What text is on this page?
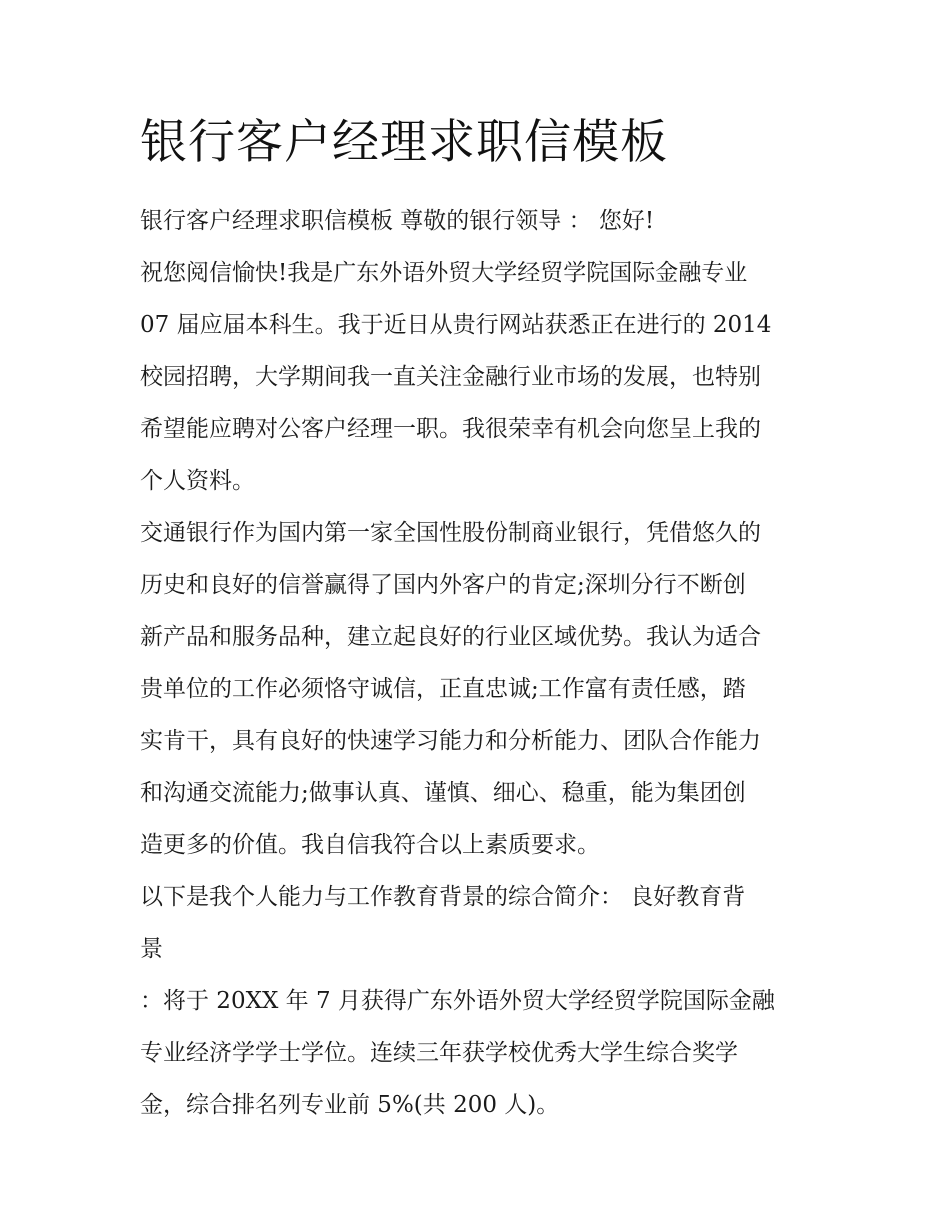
银行客户经理求职信模板

银行客户经理求职信模板 尊敬的银行领导 ： 您好!

祝您阅信愉快!我是广东外语外贸大学经贸学院国际金融专业
07 届应届本科生。我于近日从贵行网站获悉正在进行的 2014
校园招聘，大学期间我一直关注金融行业市场的发展，也特别
希望能应聘对公客户经理一职。我很荣幸有机会向您呈上我的
个人资料。

交通银行作为国内第一家全国性股份制商业银行，凭借悠久的
历史和良好的信誉赢得了国内外客户的肯定;深圳分行不断创
新产品和服务品种，建立起良好的行业区域优势。我认为适合
贵单位的工作必须恪守诚信，正直忠诚;工作富有责任感，踏
实肯干，具有良好的快速学习能力和分析能力、团队合作能力
和沟通交流能力;做事认真、谨慎、细心、稳重，能为集团创
造更多的价值。我自信我符合以上素质要求。

以下是我个人能力与工作教育背景的综合简介： 良好教育背
景

：将于 20XX 年 7 月获得广东外语外贸大学经贸学院国际金融
专业经济学学士学位。连续三年获学校优秀大学生综合奖学
金，综合排名列专业前 5%(共 200 人)。
